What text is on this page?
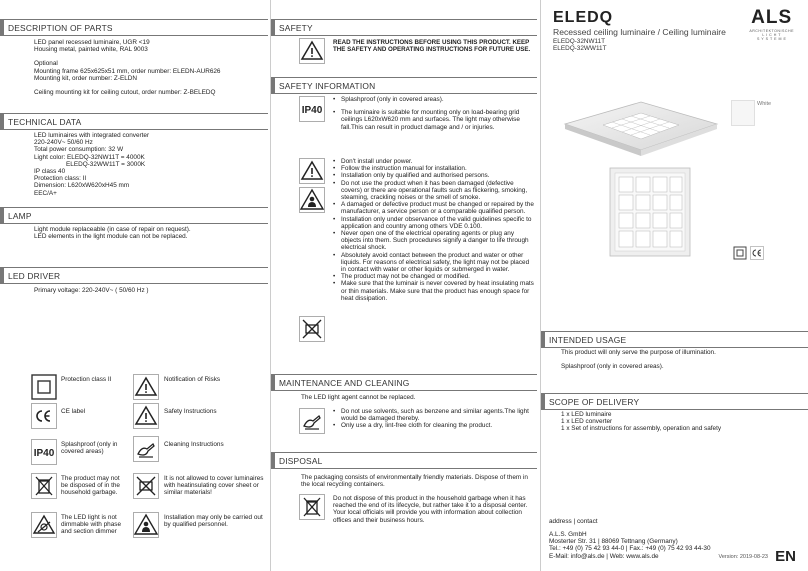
DESCRIPTION OF PARTS

LED panel recessed luminaire, UGR <19

Housing metal, painted white, RAL 9003

Optional

Mounting frame 625x625x51 mm, order number: ELEDN-AUR626

Mounting kit, order number: Z-ELDN

Ceiling mounting kit for ceiling cutout, order number: Z-BELEDQ

TECHNICAL DATA

LED luminaires with integrated converter

220-240V~ 50/60 Hz

Total power consumption: 32 W

Light color: ELEDQ-32NW11T = 4000K

ELEDQ-32WW11T = 3000K

IP class 40

Protection class: II

Dimension: L620xW620xH45 mm

EEC/A+

LAMP

Light module replaceable (in case of repair on request).

LED elements in the light module can not be replaced.

LED DRIVER

Primary voltage: 220-240V~ ( 50/60 Hz )

Protection class II	Notification of Risks
CE label	Safety Instructions
IP40
Splashproof (only in covered areas)
Cleaning Instructions
The product may not be disposed of in the household garbage.
It is not allowed to cover luminaires with heatinsulating cover sheet or similar materials!
The LED light is not dimmable with phase and section dimmer
Installation may only be carried out by qualified personnel.
SAFETY
READ THE INSTRUCTIONS BEFORE USING THIS PRODUCT. KEEP THE SAFETY AND OPERATING INSTRUCTIONS FOR FUTURE USE.
SAFETY INFORMATION
IP40
• Splashproof (only in covered areas).
• The luminaire is suitable for mounting only on load-bearing grid ceilings L620xW620 mm and surfaces. The light may otherwise fall.This can result in product damage and / or injuries.
• Don't install under power.
• Follow the instruction manual for installation.
• Installation only by qualified and authorised persons.
• Do not use the product when it has been damaged (defective covers) or there are operational faults such as flickering, smoking, steaming, crackling noises or the smell of smoke.
• A damaged or defective product must be changed or repaired by the manufacturer, a service person or a comparable qualified person.
• Installation only under observance of the valid guidelines specific to application and country among others VDE 0.100.
• Never open one of the electrical operating agents or plug any objects into them. Such procedures signify a danger to life through electrical shock.
• Absolutely avoid contact between the product and water or other liquids. For reasons of electrical safety, the light may not be placed in contact with water or other liquids or submerged in water.
• The product may not be changed or modified.
• Make sure that the luminair is never covered by heat insulating mats or thin materials. Make sure that the product has enough space for heat dissipation.
MAINTENANCE AND CLEANING
The LED light agent cannot be replaced.
• Do not use solvents, such as benzene and similar agents.The light would be damaged thereby.
• Only use a dry, lint-free cloth for cleaning the product.
DISPOSAL
The packaging consists of environmentally friendly materials. Dispose of them in the local recycling containers.
Do not dispose of this product in the household garbage when it has reached the end of its lifecycle, but rather take it to a disposal center. Your local officials will provide you with information about collection offices and their business hours.
ELEDQ
Recessed ceiling luminaire / Ceiling luminaire

ELEDQ-32NW11T

ELEDQ-32WW11T

ALS
ARCHITEKTONISCHE
L I C H T
S Y S T E M E
White
INTENDED USAGE

This product will only serve the purpose of illumination.

Splashproof (only in covered areas).

SCOPE OF DELIVERY

1 x LED luminaire

1 x LED converter

1 x Set of instructions for assembly, operation and safety

address | contact

A.L.S. GmbH

Mosterter Str. 31 | 88069 Tettnang (Germany)

Tel.: +49 (0) 75 42 93 44-0 | Fax.: +49 (0) 75 42 93 44-30

E-Mail: info@als.de | Web: www.als.de	Version: 2019-08-23 EN
